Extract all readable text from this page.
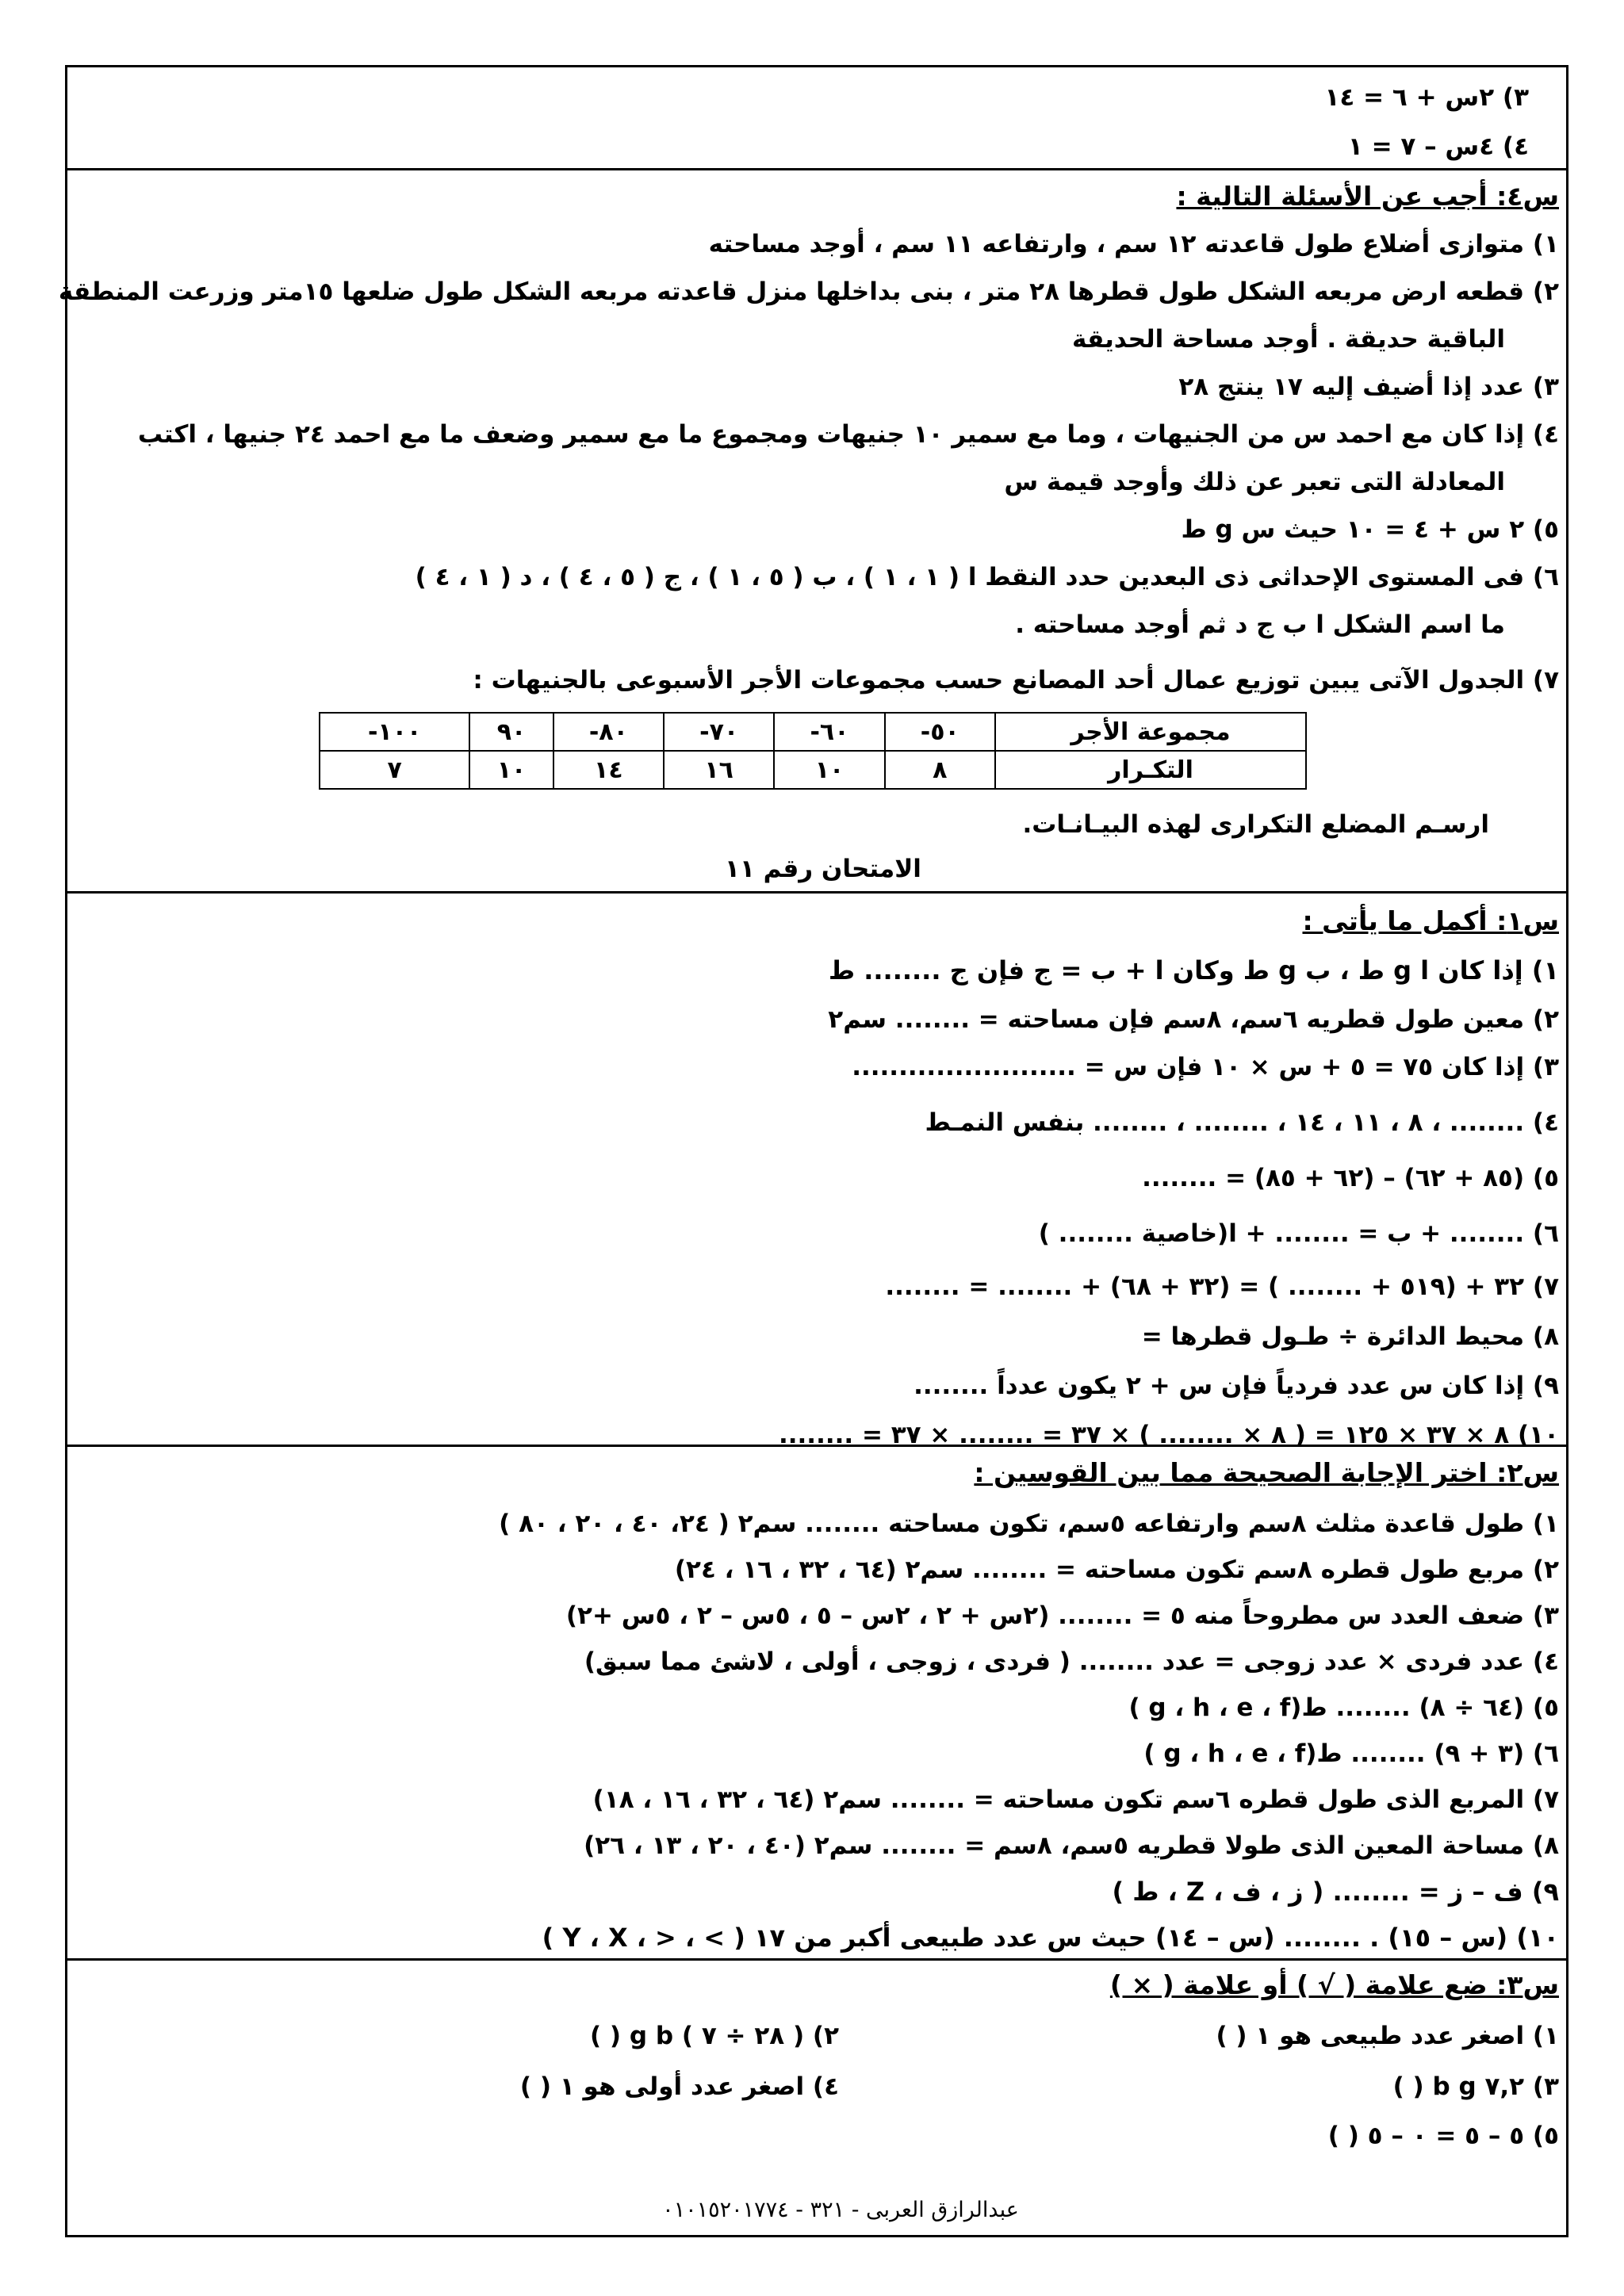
٣) ٢س + ٦ = ١٤
٤) ٤س – ٧ = ١
س٤: أجب عن الأسئلة التالية :
١) متوازى أضلاع طول قاعدته ١٢ سم ، وارتفاعه ١١ سم ، أوجد مساحته
٢) قطعه ارض مربعه الشكل طول قطرها ٢٨ متر ، بنى بداخلها منزل قاعدته مربعه الشكل طول ضلعها ١٥متر وزرعت المنطقة
الباقية حديقة . أوجد مساحة الحديقة
٣) عدد إذا أضيف إليه ١٧ ينتج ٢٨
٤) إذا كان مع احمد س من الجنيهات ، وما مع سمير ١٠ جنيهات ومجموع ما مع سمير وضعف ما مع احمد ٢٤ جنيها ، اكتب
المعادلة التى تعبر عن ذلك وأوجد قيمة س
٥) ٢ س + ٤ = ١٠ حيث س g ط
٦) فى المستوى الإحداثى ذى البعدين حدد النقط ا ( ١ ، ١ ) ، ب ( ٥ ، ١ ) ، ج ( ٥ ، ٤ ) ، د ( ١ ، ٤ )
ما اسم الشكل ا ب ج د ثم أوجد مساحته .
٧) الجدول الآتى يبين توزيع عمال أحد المصانع حسب مجموعات الأجر الأسبوعى بالجنيهات :
مجموعة الأجر	٥٠-	٦٠-	٧٠-	٨٠-	٩٠	١٠٠-
التكـرار	٨	١٠	١٦	١٤	١٠	٧
ارسـم المضلع التكرارى لهذه البيـانـات.
الامتحان رقم ١١
س١: أكمل ما يأتى :
١) إذا كان ا g ط ، ب g ط وكان ا + ب = ج فإن ج ........ ط
٢) معين طول قطريه ٦سم، ٨سم فإن مساحته = ........ سم٢
٣) إذا كان ٧٥ = ٥ + س × ١٠ فإن س = ........................
٤) ........ ، ٨ ، ١١ ، ١٤ ، ........ ، ........ بنفس النمـط
٥) (٨٥ + ٦٢) – (٦٢ + ٨٥) = ........
٦) ........ + ب = ........ + ا(خاصية ........ )
٧) ٣٢ + (٥١٩ + ........ ) = (٣٢ + ٦٨) + ........ = ........
٨) محيط الدائرة ÷ طـول قطرها =
٩) إذا كان س عدد فردياً فإن س + ٢ يكون عدداً ........
١٠) ٨ × ٣٧ × ١٢٥ = ( ٨ × ........ ) × ٣٧ = ........ × ٣٧ = ........
س٢: اختر الإجابة الصحيحة مما بين القوسين :
١) طول قاعدة مثلث ٨سم وارتفاعه ٥سم، تكون مساحته ........ سم٢ ( ٢٤، ٤٠ ، ٢٠ ، ٨٠ )
٢) مربع طول قطره ٨سم تكون مساحته = ........ سم٢ (٦٤ ، ٣٢ ، ١٦ ، ٢٤)
٣) ضعف العدد س مطروحاً منه ٥ = ........ (٢س + ٢ ، ٢س – ٥ ، ٥س – ٢ ، ٥س +٢)
٤) عدد فردى × عدد زوجى = عدد ........ ( فردى ، زوجى ، أولى ، لاشئ مما سبق)
٥) (٦٤ ÷ ٨) ........ ط(g ، h ، e ، f )
٦) (٣ + ٩) ........ ط(g ، h ، e ، f )
٧) المربع الذى طول قطره ٦سم تكون مساحته = ........ سم٢ (٦٤ ، ٣٢ ، ١٦ ، ١٨)
٨) مساحة المعين الذى طولا قطريه ٥سم، ٨سم = ........ سم٢ (٤٠ ، ٢٠ ، ١٣ ، ٢٦)
٩) ف – ز = ........ ( ز ، ف ، Z ، ط )
١٠) (س – ١٥) . ........ (س – ١٤) حيث س عدد طبيعى أكبر من ١٧ ( > ، < ، Y ، X )
س٣: ضع علامة ( √ ) أو علامة ( × )
١) اصغر عدد طبيعى هو ١ ( )
٢) ( ٢٨ ÷ ٧ ) g b ( )
٣) ٧,٢ b g ( )
٤) اصغر عدد أولى هو ١ ( )
٥) ٥ – ٥ = ٠ – ٥ ( )
عبدالرازق العربى - ٣٢١ - ٠١٠١٥٢٠١٧٧٤
